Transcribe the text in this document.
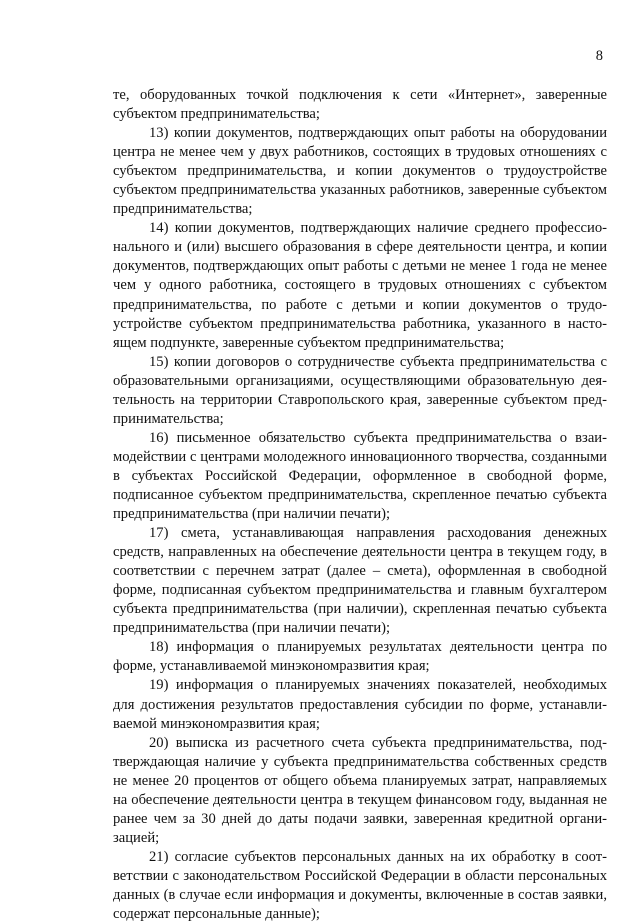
8

те, оборудованных точкой подключения к сети «Интернет», заверенные субъектом предпринимательства;

13) копии документов, подтверждающих опыт работы на оборудовании центра не менее чем у двух работников, состоящих в трудовых отношениях с субъектом предпринимательства, и копии документов о трудоустройстве субъектом предпринимательства указанных работников, заверенные субъектом предпринимательства;

14) копии документов, подтверждающих наличие среднего профессионального и (или) высшего образования в сфере деятельности центра, и копии документов, подтверждающих опыт работы с детьми не менее 1 года не менее чем у одного работника, состоящего в трудовых отношениях с субъектом предпринимательства, по работе с детьми и копии документов о трудоустройстве субъектом предпринимательства работника, указанного в настоящем подпункте, заверенные субъектом предпринимательства;

15) копии договоров о сотрудничестве субъекта предпринимательства с образовательными организациями, осуществляющими образовательную деятельность на территории Ставропольского края, заверенные субъектом предпринимательства;

16) письменное обязательство субъекта предпринимательства о взаимодействии с центрами молодежного инновационного творчества, созданными в субъектах Российской Федерации, оформленное в свободной форме, подписанное субъектом предпринимательства, скрепленное печатью субъекта предпринимательства (при наличии печати);

17) смета, устанавливающая направления расходования денежных средств, направленных на обеспечение деятельности центра в текущем году, в соответствии с перечнем затрат (далее – смета), оформленная в свободной форме, подписанная субъектом предпринимательства и главным бухгалтером субъекта предпринимательства (при наличии), скрепленная печатью субъекта предпринимательства (при наличии печати);

18) информация о планируемых результатах деятельности центра по форме, устанавливаемой минэкономразвития края;

19) информация о планируемых значениях показателей, необходимых для достижения результатов предоставления субсидии по форме, устанавливаемой минэкономразвития края;

20) выписка из расчетного счета субъекта предпринимательства, подтверждающая наличие у субъекта предпринимательства собственных средств не менее 20 процентов от общего объема планируемых затрат, направляемых на обеспечение деятельности центра в текущем финансовом году, выданная не ранее чем за 30 дней до даты подачи заявки, заверенная кредитной организацией;

21) согласие субъектов персональных данных на их обработку в соответствии с законодательством Российской Федерации в области персональных данных (в случае если информация и документы, включенные в состав заявки, содержат персональные данные);
